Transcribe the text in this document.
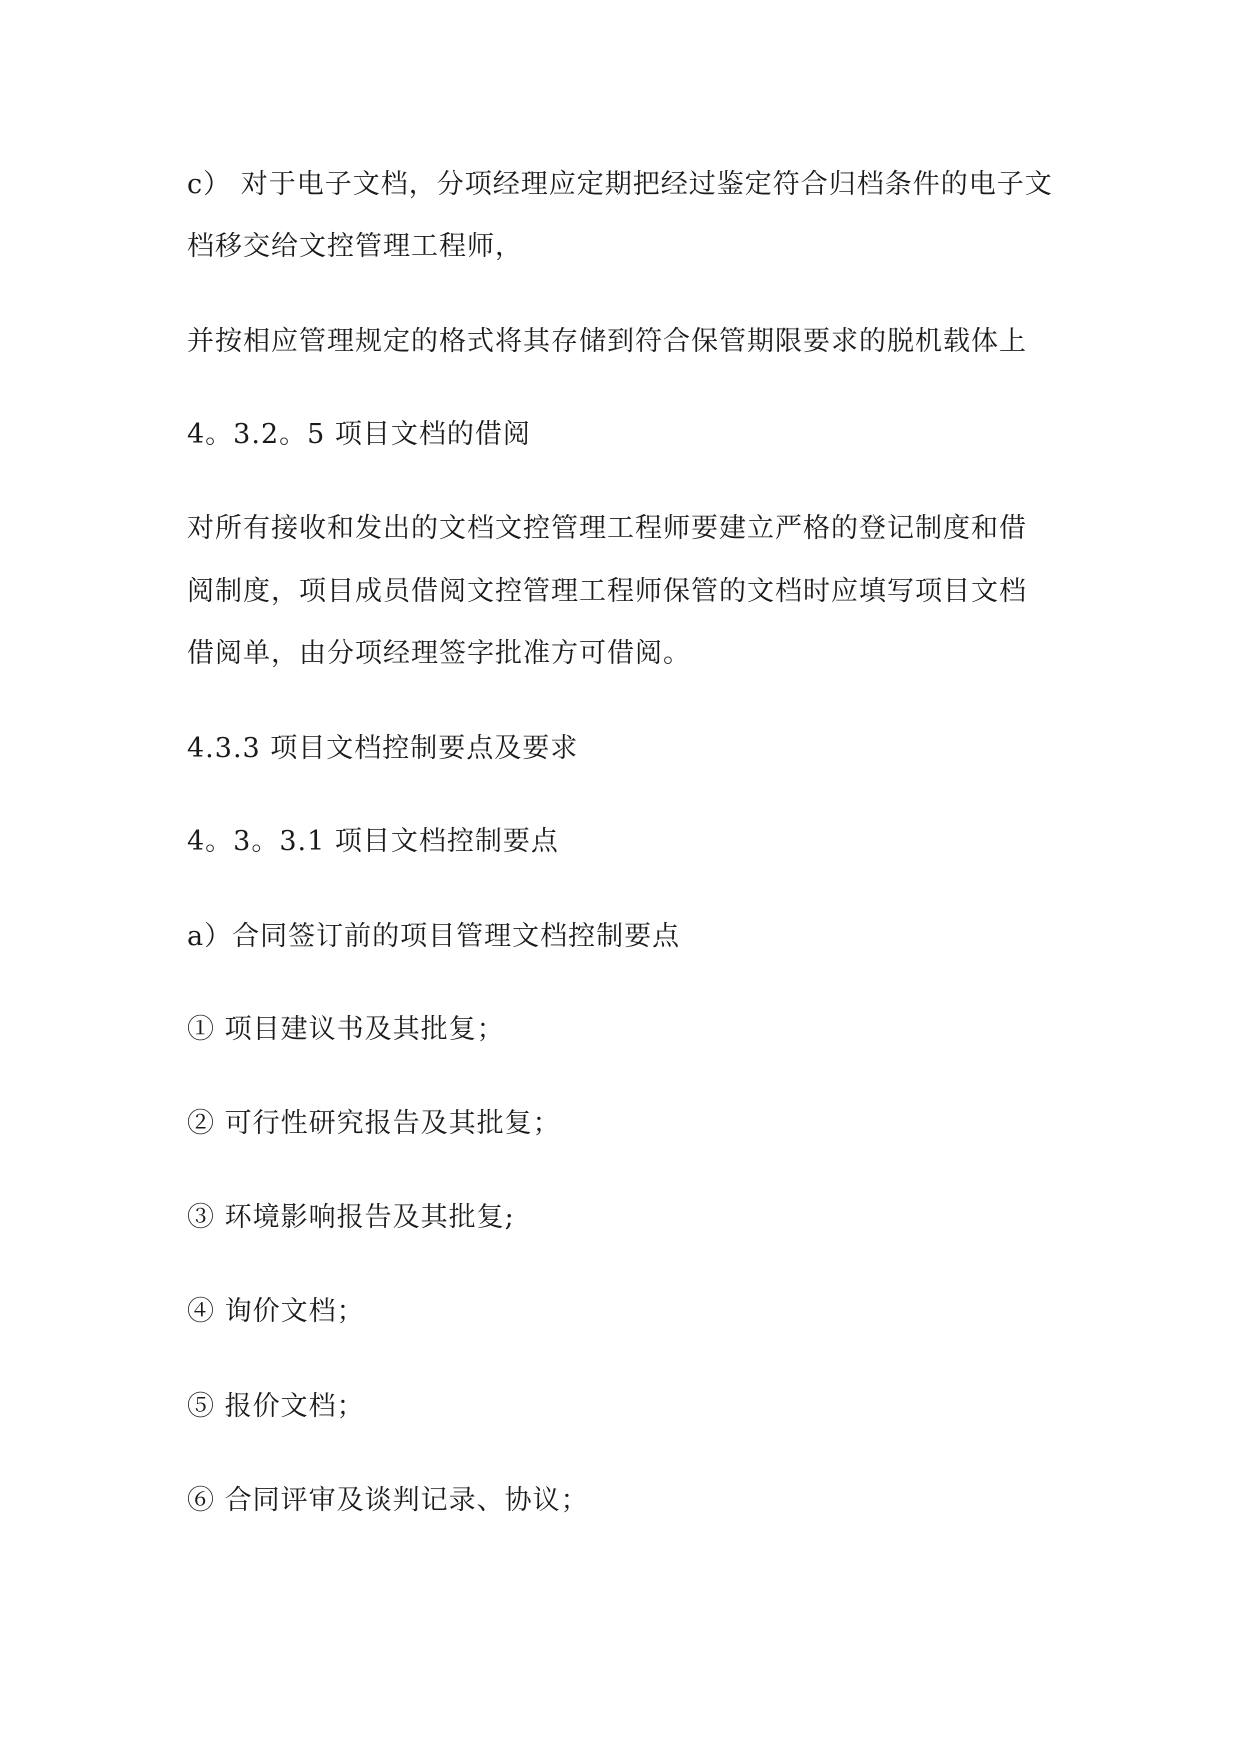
c） 对于电子文档，分项经理应定期把经过鉴定符合归档条件的电子文
档移交给文控管理工程师，
并按相应管理规定的格式将其存储到符合保管期限要求的脱机载体上
4。3.2。5 项目文档的借阅
对所有接收和发出的文档文控管理工程师要建立严格的登记制度和借
阅制度，项目成员借阅文控管理工程师保管的文档时应填写项目文档
借阅单，由分项经理签字批准方可借阅。
4.3.3 项目文档控制要点及要求
4。3。3.1 项目文档控制要点
a）合同签订前的项目管理文档控制要点
① 项目建议书及其批复；
② 可行性研究报告及其批复；
③ 环境影响报告及其批复;
④ 询价文档；
⑤ 报价文档；
⑥ 合同评审及谈判记录、协议；
